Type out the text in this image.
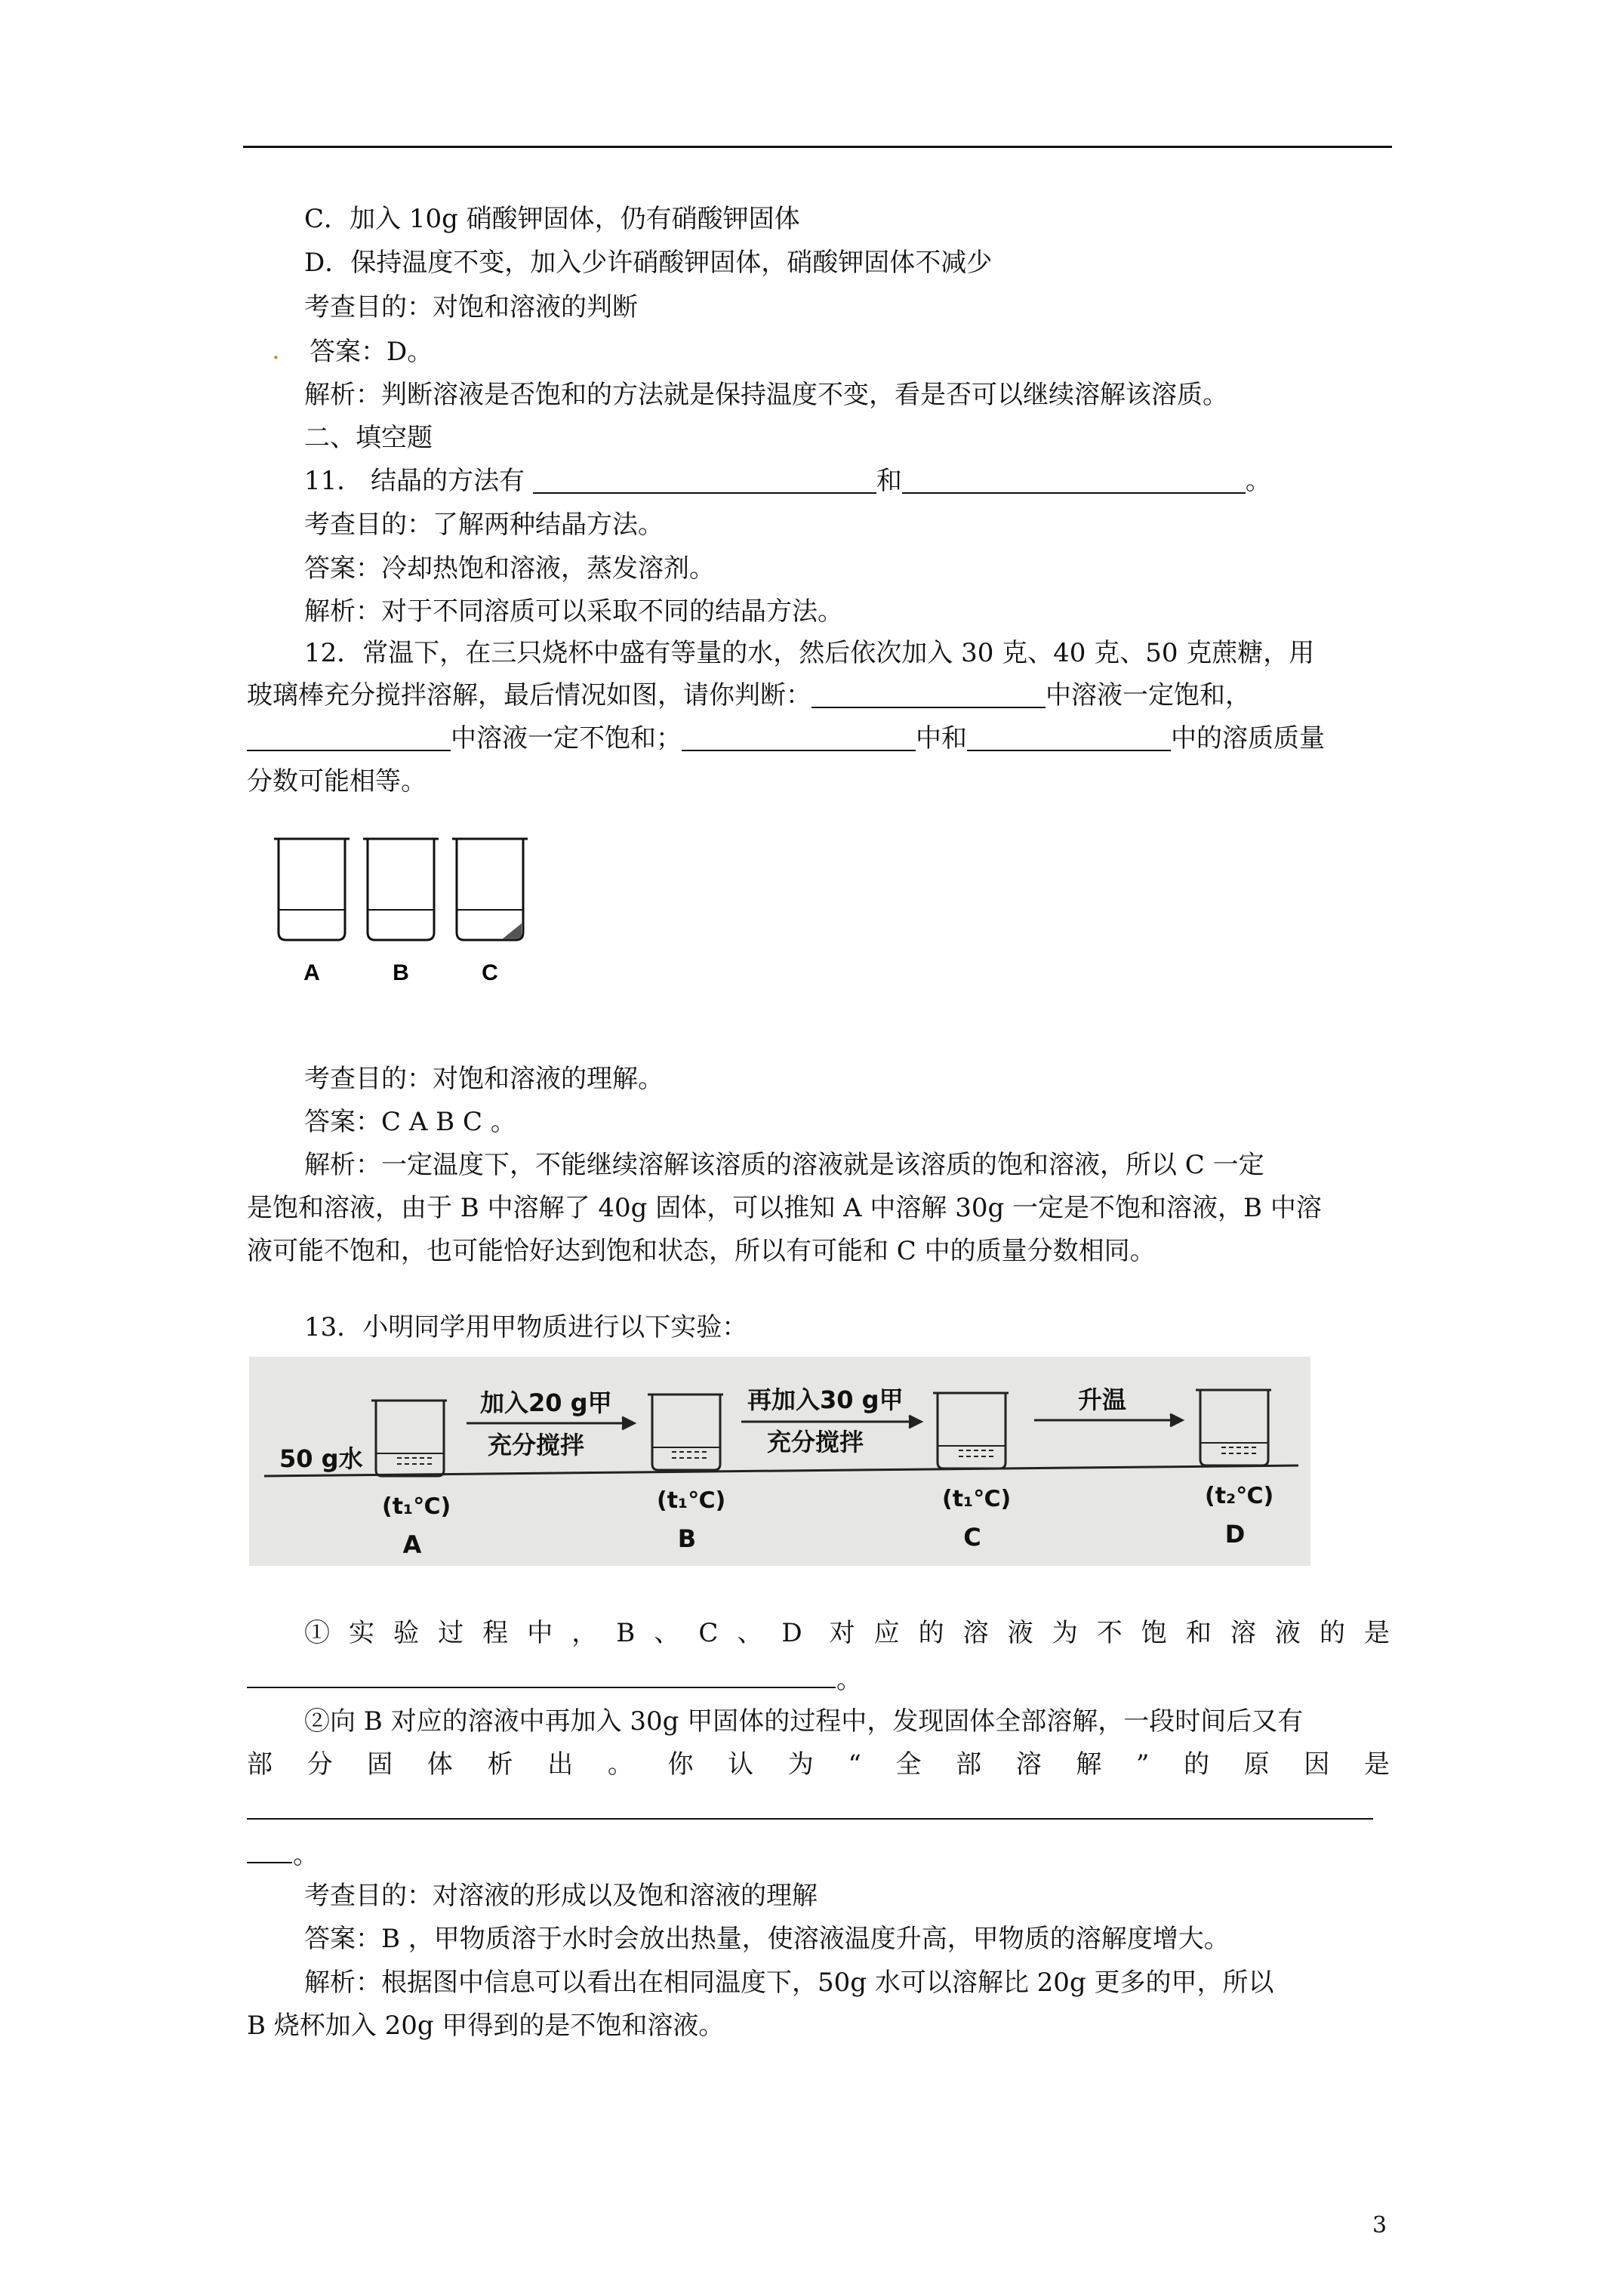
C．加入 10g 硝酸钾固体，仍有硝酸钾固体
D．保持温度不变，加入少许硝酸钾固体，硝酸钾固体不减少
考查目的：对饱和溶液的判断
. 答案：D。
解析：判断溶液是否饱和的方法就是保持温度不变，看是否可以继续溶解该溶质。
二、填空题
11． 结晶的方法有	和	。
考查目的：了解两种结晶方法。
答案：冷却热饱和溶液，蒸发溶剂。
解析：对于不同溶质可以采取不同的结晶方法。
12．常温下，在三只烧杯中盛有等量的水，然后依次加入 30 克、40 克、50 克蔗糖，用
玻璃棒充分搅拌溶解，最后情况如图，请你判断：	中溶液一定饱和，
中溶液一定不饱和；	中和	中的溶质质量
分数可能相等。
A	B	C
考查目的：对饱和溶液的理解。
答案：C A B C 。
解析：一定温度下，不能继续溶解该溶质的溶液就是该溶质的饱和溶液，所以 C 一定
是饱和溶液，由于 B 中溶解了 40g 固体，可以推知 A 中溶解 30g 一定是不饱和溶液，B 中溶
液可能不饱和，也可能恰好达到饱和状态，所以有可能和 C 中的质量分数相同。
13．小明同学用甲物质进行以下实验：
50 g水
加入20 g甲
充分搅拌
再加入30 g甲
充分搅拌
升温
(t₁℃)	(t₁℃)	(t₁℃)	(t₂℃)
A	B	C	D
①实验过程中，B、C、D 对应的溶液为不饱和溶液的是
。
②向 B 对应的溶液中再加入 30g 甲固体的过程中，发现固体全部溶解，一段时间后又有
部分固体析出。你认为“全部溶解”的原因是
。
考查目的：对溶液的形成以及饱和溶液的理解
答案：B ，甲物质溶于水时会放出热量，使溶液温度升高，甲物质的溶解度增大。
解析：根据图中信息可以看出在相同温度下，50g 水可以溶解比 20g 更多的甲，所以
B 烧杯加入 20g 甲得到的是不饱和溶液。
3
